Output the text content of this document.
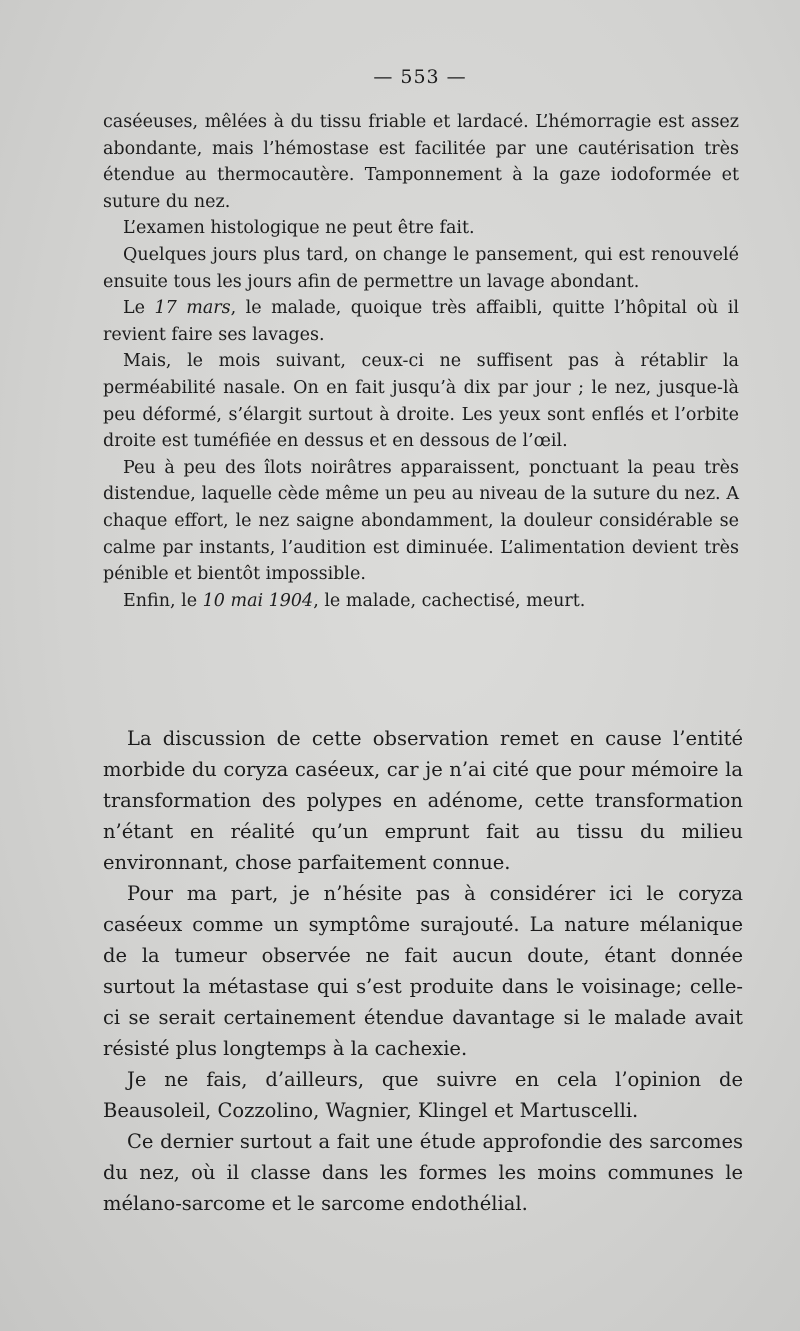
— 553 —

caséeuses, mêlées à du tissu friable et lardacé. L’hémorragie est assez abondante, mais l’hémostase est facilitée par une cautérisation très étendue au thermocautère. Tamponnement à la gaze iodoformée et suture du nez.

L’examen histologique ne peut être fait.

Quelques jours plus tard, on change le pansement, qui est renouvelé ensuite tous les jours afin de permettre un lavage abondant.

Le 17 mars, le malade, quoique très affaibli, quitte l’hôpital où il revient faire ses lavages.

Mais, le mois suivant, ceux-ci ne suffisent pas à rétablir la perméabilité nasale. On en fait jusqu’à dix par jour ; le nez, jusque-là peu déformé, s’élargit surtout à droite. Les yeux sont enflés et l’orbite droite est tuméfiée en dessus et en dessous de l’œil.

Peu à peu des îlots noirâtres apparaissent, ponctuant la peau très distendue, laquelle cède même un peu au niveau de la suture du nez. A chaque effort, le nez saigne abondamment, la douleur considérable se calme par instants, l’audition est diminuée. L’alimentation devient très pénible et bientôt impossible.

Enfin, le 10 mai 1904, le malade, cachectisé, meurt.

La discussion de cette observation remet en cause l’entité morbide du coryza caséeux, car je n’ai cité que pour mémoire la transformation des polypes en adénome, cette transformation n’étant en réalité qu’un emprunt fait au tissu du milieu environnant, chose parfaitement connue.

Pour ma part, je n’hésite pas à considérer ici le coryza caséeux comme un symptôme surajouté. La nature mélanique de la tumeur observée ne fait aucun doute, étant donnée surtout la métastase qui s’est produite dans le voisinage; celle-ci se serait certainement étendue davantage si le malade avait résisté plus longtemps à la cachexie.

Je ne fais, d’ailleurs, que suivre en cela l’opinion de Beausoleil, Cozzolino, Wagnier, Klingel et Martuscelli.

Ce dernier surtout a fait une étude approfondie des sarcomes du nez, où il classe dans les formes les moins communes le mélano-sarcome et le sarcome endothélial.
